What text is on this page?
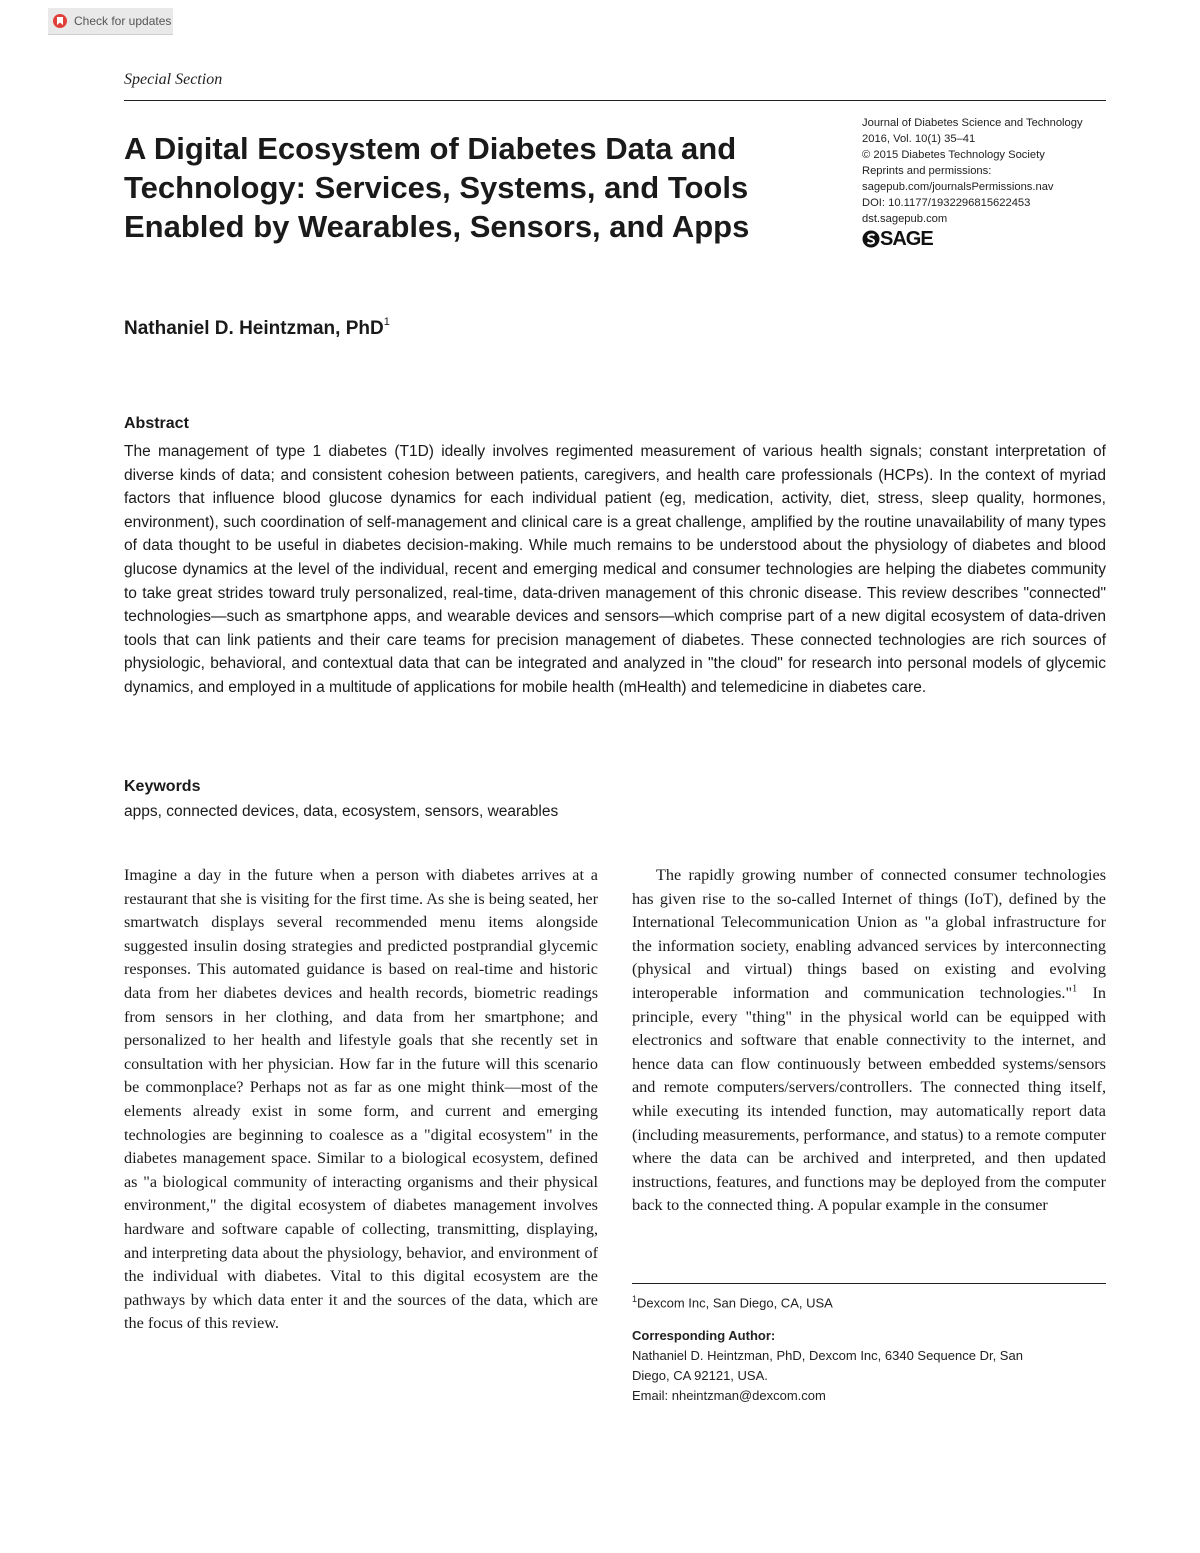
Check for updates
Special Section
A Digital Ecosystem of Diabetes Data and Technology: Services, Systems, and Tools Enabled by Wearables, Sensors, and Apps
Journal of Diabetes Science and Technology
2016, Vol. 10(1) 35–41
© 2015 Diabetes Technology Society
Reprints and permissions:
sagepub.com/journalsPermissions.nav
DOI: 10.1177/1932296815622453
dst.sagepub.com
SAGE
Nathaniel D. Heintzman, PhD$^1$
Abstract

The management of type 1 diabetes (T1D) ideally involves regimented measurement of various health signals; constant interpretation of diverse kinds of data; and consistent cohesion between patients, caregivers, and health care professionals (HCPs). In the context of myriad factors that influence blood glucose dynamics for each individual patient (eg, medication, activity, diet, stress, sleep quality, hormones, environment), such coordination of self-management and clinical care is a great challenge, amplified by the routine unavailability of many types of data thought to be useful in diabetes decision-making. While much remains to be understood about the physiology of diabetes and blood glucose dynamics at the level of the individual, recent and emerging medical and consumer technologies are helping the diabetes community to take great strides toward truly personalized, real-time, data-driven management of this chronic disease. This review describes "connected" technologies—such as smartphone apps, and wearable devices and sensors—which comprise part of a new digital ecosystem of data-driven tools that can link patients and their care teams for precision management of diabetes. These connected technologies are rich sources of physiologic, behavioral, and contextual data that can be integrated and analyzed in "the cloud" for research into personal models of glycemic dynamics, and employed in a multitude of applications for mobile health (mHealth) and telemedicine in diabetes care.

Keywords
apps, connected devices, data, ecosystem, sensors, wearables

Imagine a day in the future when a person with diabetes arrives at a restaurant that she is visiting for the first time. As she is being seated, her smartwatch displays several recommended menu items alongside suggested insulin dosing strategies and predicted postprandial glycemic responses. This automated guidance is based on real-time and historic data from her diabetes devices and health records, biometric readings from sensors in her clothing, and data from her smartphone; and personalized to her health and lifestyle goals that she recently set in consultation with her physician. How far in the future will this scenario be commonplace? Perhaps not as far as one might think—most of the elements already exist in some form, and current and emerging technologies are beginning to coalesce as a "digital ecosystem" in the diabetes management space. Similar to a biological ecosystem, defined as "a biological community of interacting organisms and their physical environment," the digital ecosystem of diabetes management involves hardware and software capable of collecting, transmitting, displaying, and interpreting data about the physiology, behavior, and environment of the individual with diabetes. Vital to this digital ecosystem are the pathways by which data enter it and the sources of the data, which are the focus of this review.

The rapidly growing number of connected consumer technologies has given rise to the so-called Internet of things (IoT), defined by the International Telecommunication Union as "a global infrastructure for the information society, enabling advanced services by interconnecting (physical and virtual) things based on existing and evolving interoperable information and communication technologies."$^1$ In principle, every "thing" in the physical world can be equipped with electronics and software that enable connectivity to the internet, and hence data can flow continuously between embedded systems/sensors and remote computers/servers/controllers. The connected thing itself, while executing its intended function, may automatically report data (including measurements, performance, and status) to a remote computer where the data can be archived and interpreted, and then updated instructions, features, and functions may be deployed from the computer back to the connected thing. A popular example in the consumer

$^1$Dexcom Inc, San Diego, CA, USA
Corresponding Author:
Nathaniel D. Heintzman, PhD, Dexcom Inc, 6340 Sequence Dr, San
Diego, CA 92121, USA.
Email: nheintzman@dexcom.com
